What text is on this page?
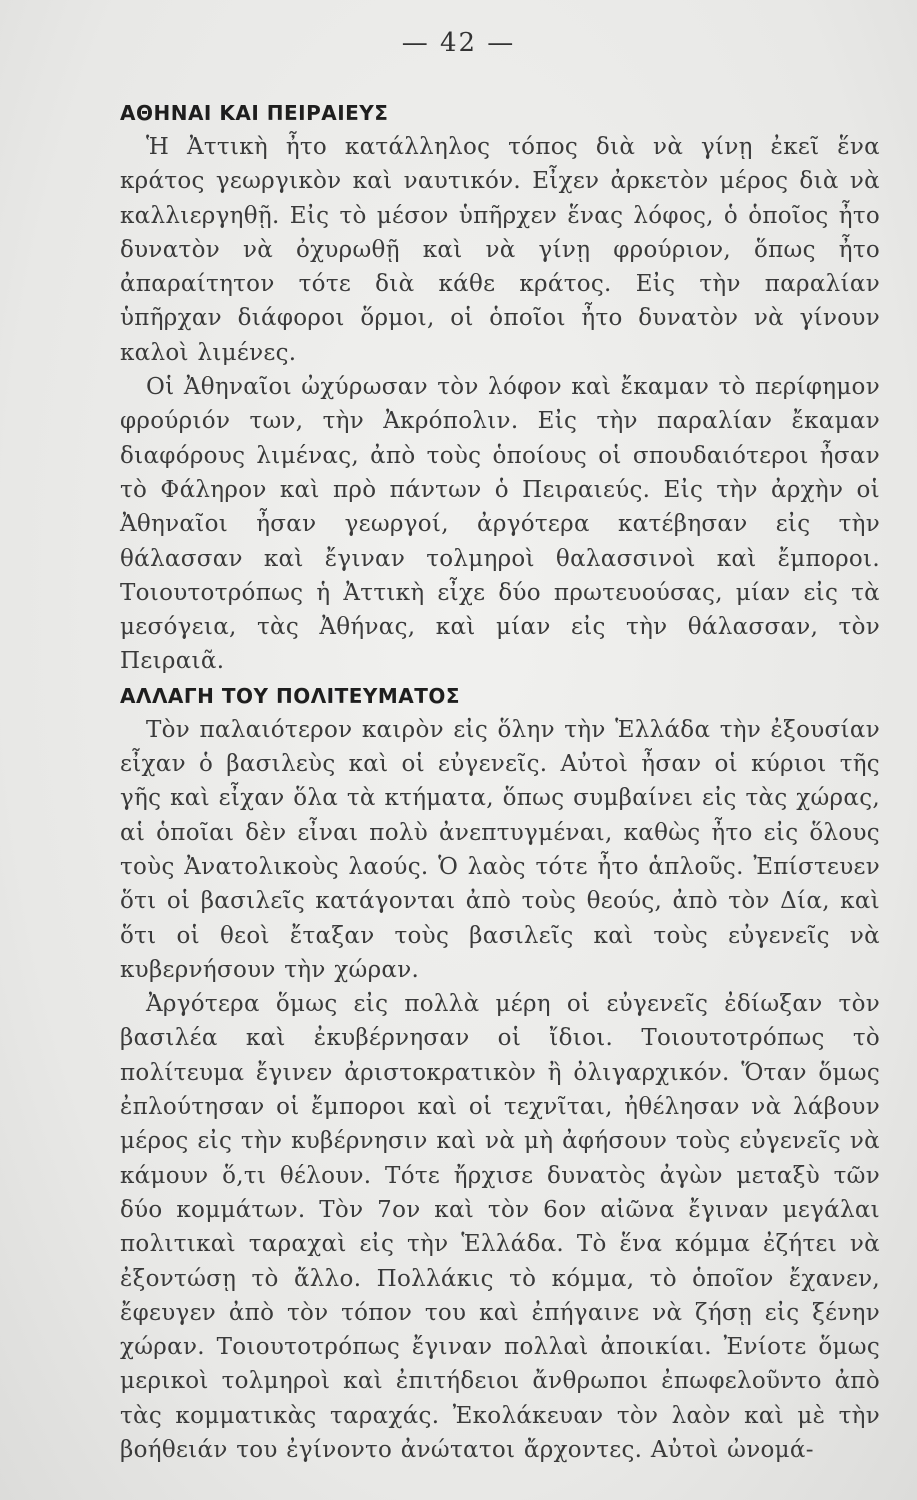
— 42 —
ΑΘΗΝΑΙ ΚΑΙ ΠΕΙΡΑΙΕΥΣ

Ἡ Ἀττικὴ ἦτο κατάλληλος τόπος διὰ νὰ γίνῃ ἐκεῖ ἕνα κράτος γεωργικὸν καὶ ναυτικόν. Εἶχεν ἀρκετὸν μέρος διὰ νὰ καλλιεργηθῇ. Εἰς τὸ μέσον ὑπῆρχεν ἕνας λόφος, ὁ ὁποῖος ἦτο δυνατὸν νὰ ὀχυρωθῇ καὶ νὰ γίνῃ φρούριον, ὅπως ἦτο ἀπαραίτητον τότε διὰ κάθε κράτος. Εἰς τὴν παραλίαν ὑπῆρχαν διάφοροι ὅρμοι, οἱ ὁποῖοι ἦτο δυνατὸν νὰ γίνουν καλοὶ λιμένες.

Οἱ Ἀθηναῖοι ὠχύρωσαν τὸν λόφον καὶ ἔκαμαν τὸ περίφημον φρούριόν των, τὴν Ἀκρόπολιν. Εἰς τὴν παραλίαν ἔκαμαν διαφόρους λιμένας, ἀπὸ τοὺς ὁποίους οἱ σπουδαιότεροι ἦσαν τὸ Φάληρον καὶ πρὸ πάντων ὁ Πειραιεύς. Εἰς τὴν ἀρχὴν οἱ Ἀθηναῖοι ἦσαν γεωργοί, ἀργότερα κατέβησαν εἰς τὴν θάλασσαν καὶ ἔγιναν τολμηροὶ θαλασσινοὶ καὶ ἔμποροι. Τοιουτοτρόπως ἡ Ἀττικὴ εἶχε δύο πρωτευούσας, μίαν εἰς τὰ μεσόγεια, τὰς Ἀθήνας, καὶ μίαν εἰς τὴν θάλασσαν, τὸν Πειραιᾶ.

ΑΛΛΑΓΗ ΤΟΥ ΠΟΛΙΤΕΥΜΑΤΟΣ

Τὸν παλαιότερον καιρὸν εἰς ὅλην τὴν Ἑλλάδα τὴν ἐξουσίαν εἶχαν ὁ βασιλεὺς καὶ οἱ εὐγενεῖς. Αὐτοὶ ἦσαν οἱ κύριοι τῆς γῆς καὶ εἶχαν ὅλα τὰ κτήματα, ὅπως συμβαίνει εἰς τὰς χώρας, αἱ ὁποῖαι δὲν εἶναι πολὺ ἀνεπτυγμέναι, καθὼς ἦτο εἰς ὅλους τοὺς Ἀνατολικοὺς λαούς. Ὁ λαὸς τότε ἦτο ἁπλοῦς. Ἐπίστευεν ὅτι οἱ βασιλεῖς κατάγονται ἀπὸ τοὺς θεούς, ἀπὸ τὸν Δία, καὶ ὅτι οἱ θεοὶ ἔταξαν τοὺς βασιλεῖς καὶ τοὺς εὐγενεῖς νὰ κυβερνήσουν τὴν χώραν.

Ἀργότερα ὅμως εἰς πολλὰ μέρη οἱ εὐγενεῖς ἐδίωξαν τὸν βασιλέα καὶ ἐκυβέρνησαν οἱ ἴδιοι. Τοιουτοτρόπως τὸ πολίτευμα ἔγινεν ἀριστοκρατικὸν ἢ ὀλιγαρχικόν. Ὅταν ὅμως ἐπλούτησαν οἱ ἔμποροι καὶ οἱ τεχνῖται, ἠθέλησαν νὰ λάβουν μέρος εἰς τὴν κυβέρνησιν καὶ νὰ μὴ ἀφήσουν τοὺς εὐγενεῖς νὰ κάμουν ὅ,τι θέλουν. Τότε ἤρχισε δυνατὸς ἀγὼν μεταξὺ τῶν δύο κομμάτων. Τὸν 7ον καὶ τὸν 6ον αἰῶνα ἔγιναν μεγάλαι πολιτικαὶ ταραχαὶ εἰς τὴν Ἑλλάδα. Τὸ ἕνα κόμμα ἐζήτει νὰ ἐξοντώσῃ τὸ ἄλλο. Πολλάκις τὸ κόμμα, τὸ ὁποῖον ἔχανεν, ἔφευγεν ἀπὸ τὸν τόπον του καὶ ἐπήγαινε νὰ ζήσῃ εἰς ξένην χώραν. Τοιουτοτρόπως ἔγιναν πολλαὶ ἀποικίαι. Ἐνίοτε ὅμως μερικοὶ τολμηροὶ καὶ ἐπιτήδειοι ἄνθρωποι ἐπωφελοῦντο ἀπὸ τὰς κομματικὰς ταραχάς. Ἐκολάκευαν τὸν λαὸν καὶ μὲ τὴν βοήθειάν του ἐγίνοντο ἀνώτατοι ἄρχοντες. Αὐτοὶ ὠνομά-
